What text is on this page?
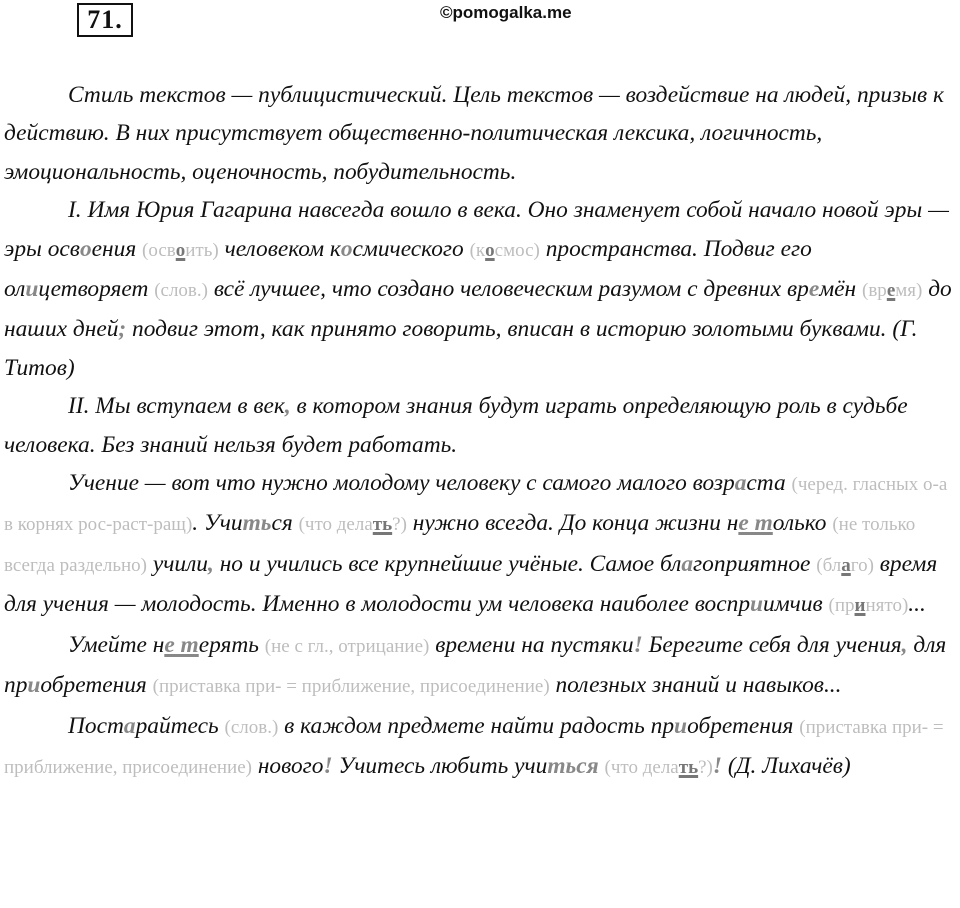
71.	©pomogalka.me

Стиль текстов — публицистический. Цель текстов — воздействие на людей, призыв к действию. В них присутствует общественно-политическая лексика, логичность, эмоциональность, оценочность, побудительность.

I. Имя Юрия Гагарина навсегда вошло в века. Оно знаменует собой начало новой эры — эры освоения (освоить) человеком космического (космос) пространства. Подвиг его олицетворяет (слов.) всё лучшее, что создано человеческим разумом с древних времён (время) до наших дней; подвиг этот, как принято говорить, вписан в историю золотыми буквами. (Г. Титов)

II. Мы вступаем в век, в котором знания будут играть определяющую роль в судьбе человека. Без знаний нельзя будет работать.

Учение — вот что нужно молодому человеку с самого малого возраста (черед. гласных о-а в корнях рос-раст-ращ). Учиться (что делать?) нужно всегда. До конца жизни не только (не только всегда раздельно) учили, но и учились все крупнейшие учёные. Самое благоприятное (благо) время для учения — молодость. Именно в молодости ум человека наиболее восприимчив (принято)...

Умейте не терять (не с гл., отрицание) времени на пустяки! Берегите себя для учения, для приобретения (приставка при- = приближение, присоединение) полезных знаний и навыков...

Постарайтесь (слов.) в каждом предмете найти радость приобретения (приставка при- = приближение, присоединение) нового! Учитесь любить учиться (что делать?)! (Д. Лихачёв)
